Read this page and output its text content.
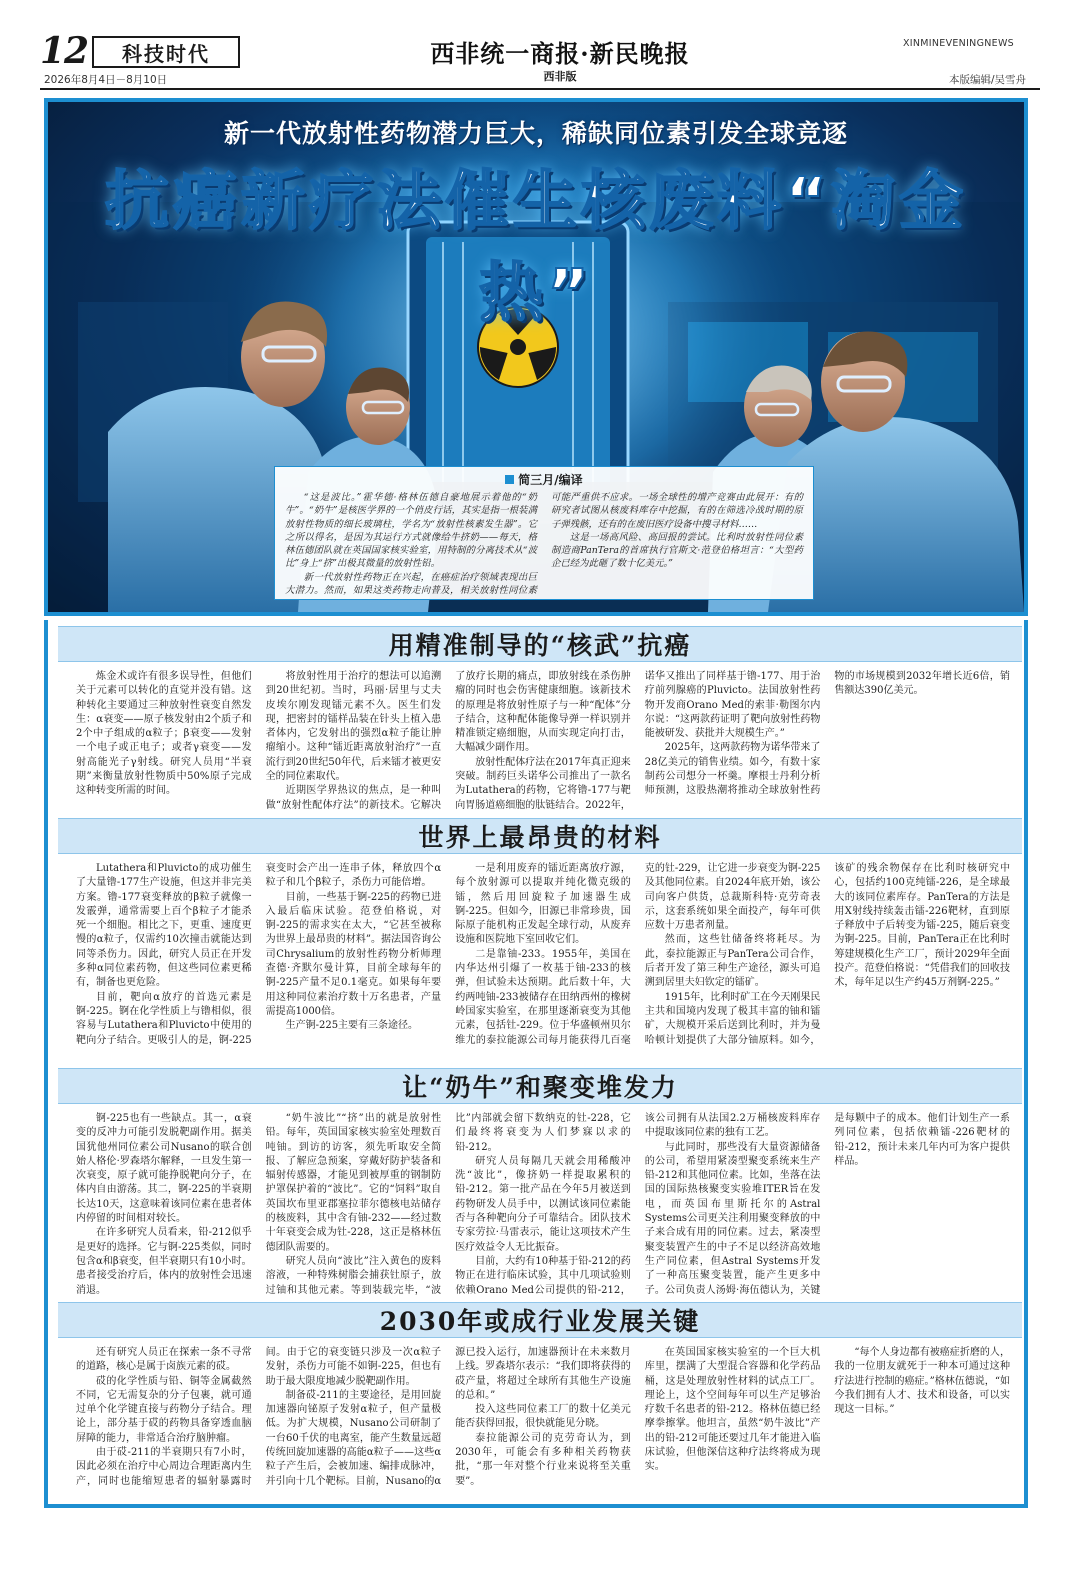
12 科技时代
2026年8月4日－8月10日
西非统一商报·新民晚报
西非版
XINMINEVENINGNEWS
本版编辑/吴雪舟
新一代放射性药物潜力巨大，稀缺同位素引发全球竞逐
抗癌新疗法催生核废料“淘金热”
简三月/编译

“这是波比。”霍华德·格林伍德自豪地展示着他的“奶牛”。“奶牛”是核医学界的一个俏皮行话，其实是指一根装满放射性物质的细长玻璃柱，学名为“放射性核素发生器”。它之所以得名，是因为其运行方式就像给牛挤奶——每天，格林伍德团队就在英国国家核实验室，用特制的分离技术从“波比”身上“挤”出极其微量的放射性铅。

新一代放射性药物正在兴起，在癌症治疗领域表现出巨大潜力。然而，如果这类药物走向普及，相关放射性同位素可能严重供不应求。一场全球性的增产竞赛由此展开：有的研究者试图从核废料库存中挖掘，有的在筛选冷战时期的原子弹残骸，还有的在废旧医疗设备中搜寻材料……

这是一场高风险、高回报的尝试。比利时放射性同位素制造商PanTera的首席执行官斯文·范登伯格坦言：“大型药企已经为此砸了数十亿美元。”

用精准制导的“核武”抗癌

炼金术或许有很多误导性，但他们关于元素可以转化的直觉并没有错。这种转化主要通过三种放射性衰变自然发生：α衰变——原子核发射由2个质子和2个中子组成的α粒子；β衰变——发射一个电子或正电子；或者γ衰变——发射高能光子γ射线。研究人员用“半衰期”来衡量放射性物质中50%原子完成这种转变所需的时间。

将放射性用于治疗的想法可以追溯到20世纪初。当时，玛丽·居里与丈夫皮埃尔刚发现镭元素不久。医生们发现，把密封的镭样品装在针头上植入患者体内，它发射出的强烈α粒子能让肿瘤缩小。这种“镭近距离放射治疗”一直流行到20世纪50年代，后来镭才被更安全的同位素取代。

近期医学界热议的焦点，是一种叫做“放射性配体疗法”的新技术。它解决了放疗长期的痛点，即放射线在杀伤肿瘤的同时也会伤害健康细胞。该新技术的原理是将放射性原子与一种“配体”分子结合，这种配体能像导弹一样识别并精准锁定癌细胞，从而实现定向打击，大幅减少副作用。

放射性配体疗法在2017年真正迎来突破。制药巨头诺华公司推出了一款名为Lutathera的药物，它将镥-177与靶向胃肠道癌细胞的肽链结合。2022年，诺华又推出了同样基于镥-177、用于治疗前列腺癌的Pluvicto。法国放射性药物开发商Orano Med的索菲·勒图尔内尔说：“这两款药证明了靶向放射性药物能被研发、获批并大规模生产。”

2025年，这两款药物为诺华带来了28亿美元的销售业绩。如今，有数十家制药公司想分一杯羹。摩根士丹利分析师预测，这股热潮将推动全球放射性药物的市场规模到2032年增长近6倍，销售额达390亿美元。

世界上最昂贵的材料

Lutathera和Pluvicto的成功催生了大量镥-177生产设施，但这并非完美方案。镥-177衰变释放的β粒子就像一发霰弹，通常需要上百个β粒子才能杀死一个细胞。相比之下，更重、速度更慢的α粒子，仅需约10次撞击就能达到同等杀伤力。因此，研究人员正在开发多种α同位素药物，但这些同位素更稀有，制备也更危险。

目前，靶向α放疗的首选元素是锕-225。锕在化学性质上与镥相似，很容易与Lutathera和Pluvicto中使用的靶向分子结合。更吸引人的是，锕-225衰变时会产出一连串子体，释放四个α粒子和几个β粒子，杀伤力可能倍增。

目前，一些基于锕-225的药物已进入最后临床试验。范登伯格说，对锕-225的需求实在太大，“它甚至被称为世界上最昂贵的材料”。据法国咨询公司Chrysalium的放射性药物分析师理查德·齐默尔曼计算，目前全球每年的锕-225产量不足0.1毫克。如果每年要用这种同位素治疗数十万名患者，产量需提高1000倍。

生产锕-225主要有三条途径。

一是利用废弃的镭近距离放疗源，每个放射源可以提取并纯化微克级的镭，然后用回旋粒子加速器生成锕-225。但如今，旧源已非常珍贵，国际原子能机构正发起全球行动，从废弃设施和医院地下室回收它们。

二是靠铀-233。1955年，美国在内华达州引爆了一枚基于铀-233的核弹，但试验未达预期。此后数十年，大约两吨铀-233被储存在田纳西州的橡树岭国家实验室，在那里逐渐衰变为其他元素，包括钍-229。位于华盛顿州贝尔维尤的泰拉能源公司每月能获得几百毫克的钍-229，让它进一步衰变为锕-225及其他同位素。自2024年底开始，该公司向客户供货，总裁斯科特·克劳奇表示，这套系统如果全面投产，每年可供应数十万患者剂量。

然而，这些钍储备终将耗尽。为此，泰拉能源正与PanTera公司合作，后者开发了第三种生产途径，源头可追溯到居里夫妇钦定的镭矿。

1915年，比利时矿工在今天刚果民主共和国境内发现了极其丰富的铀和镭矿，大规模开采后送到比利时，并为曼哈顿计划提供了大部分铀原料。如今，该矿的残余物保存在比利时核研究中心，包括约100克纯镭-226，是全球最大的该同位素库存。PanTera的方法是用X射线持续轰击镭-226靶材，直到原子释放中子后转变为镭-225，随后衰变为锕-225。目前，PanTera正在比利时筹建规模化生产工厂，预计2029年全面投产。范登伯格说：“凭借我们的回收技术，每年足以生产约45万剂锕-225。”

让“奶牛”和聚变堆发力

锕-225也有一些缺点。其一，α衰变的反冲力可能引发脱靶副作用。据美国犹他州同位素公司Nusano的联合创始人格伦·罗森塔尔解释，一旦发生第一次衰变，原子就可能挣脱靶向分子，在体内自由游荡。其二，锕-225的半衰期长达10天，这意味着该同位素在患者体内停留的时间相对较长。

在许多研究人员看来，铅-212似乎是更好的选择。它与锕-225类似，同时包含α和β衰变，但半衰期只有10小时。患者接受治疗后，体内的放射性会迅速消退。

“奶牛波比”“挤”出的就是放射性铅。每年，英国国家核实验室处理数百吨铀。到访的访客，须先听取安全简报、了解应急预案，穿戴好防护装备和辐射传感器，才能见到被厚重的钢制防护罩保护着的“波比”。它的“饲料”取自英国坎布里亚郡塞拉菲尔德核电站储存的核废料，其中含有铀-232——经过数十年衰变会成为钍-228，这正是格林伍德团队需要的。

研究人员向“波比”注入黄色的废料溶液，一种特殊树脂会捕获钍原子，放过铀和其他元素。等到装载完毕，“波比”内部就会留下数纳克的钍-228，它们最终将衰变为人们梦寐以求的铅-212。

研究人员每隔几天就会用稀酸冲洗“波比”，像挤奶一样提取累积的铅-212。第一批产品在今年5月被送到药物研发人员手中，以测试该同位素能否与各种靶向分子可靠结合。团队技术专家劳拉·马雷表示，能让这项技术产生医疗效益令人无比振奋。

目前，大约有10种基于铅-212的药物正在进行临床试验，其中几项试验则依赖Orano Med公司提供的铅-212，该公司拥有从法国2.2万桶核废料库存中提取该同位素的独有工艺。

与此同时，那些没有大量资源储备的公司，希望用紧凑型聚变系统来生产铅-212和其他同位素。比如，坐落在法国的国际热核聚变实验堆ITER旨在发电，而英国布里斯托尔的Astral Systems公司更关注利用聚变释放的中子来合成有用的同位素。过去，紧凑型聚变装置产生的中子不足以经济高效地生产同位素，但Astral Systems开发了一种高压聚变装置，能产生更多中子。公司负责人汤姆·海伍德认为，关键是每颗中子的成本。他们计划生产一系列同位素，包括依赖镭-226靶材的铅-212，预计未来几年内可为客户提供样品。

2030年或成行业发展关键

还有研究人员正在探索一条不寻常的道路，核心是属于卤族元素的砹。

砹的化学性质与铅、铜等金属截然不同，它无需复杂的分子包裹，就可通过单个化学键直接与药物分子结合。理论上，部分基于砹的药物具备穿透血脑屏障的能力，非常适合治疗脑肿瘤。

由于砹-211的半衰期只有7小时，因此必须在治疗中心周边合理距离内生产，同时也能缩短患者的辐射暴露时间。由于它的衰变链只涉及一次α粒子发射，杀伤力可能不如锕-225，但也有助于最大限度地减少脱靶副作用。

制备砹-211的主要途径，是用回旋加速器向铋原子发射α粒子，但产量极低。为扩大规模，Nusano公司研制了一台60千伏的电离室，能产生数量远超传统回旋加速器的高能α粒子——这些α粒子产生后，会被加速、编排成脉冲，并引向十几个靶标。目前，Nusano的α源已投入运行，加速器预计在未来数月上线。罗森塔尔表示：“我们即将获得的砹产量，将超过全球所有其他生产设施的总和。”

投入这些同位素工厂的数十亿美元能否获得回报，很快就能见分晓。

泰拉能源公司的克劳奇认为，到2030年，可能会有多种相关药物获批，“那一年对整个行业来说将至关重要”。

在英国国家核实验室的一个巨大机库里，摆满了大型混合容器和化学药品桶，这是处理放射性材料的试点工厂。理论上，这个空间每年可以生产足够治疗数千名患者的铅-212。格林伍德已经摩拳擦掌。他坦言，虽然“奶牛波比”产出的铅-212可能还要过几年才能进入临床试验，但他深信这种疗法终将成为现实。

“每个人身边都有被癌症折磨的人，我的一位朋友就死于一种本可通过这种疗法进行控制的癌症。”格林伍德说，“如今我们拥有人才、技术和设备，可以实现这一目标。”
